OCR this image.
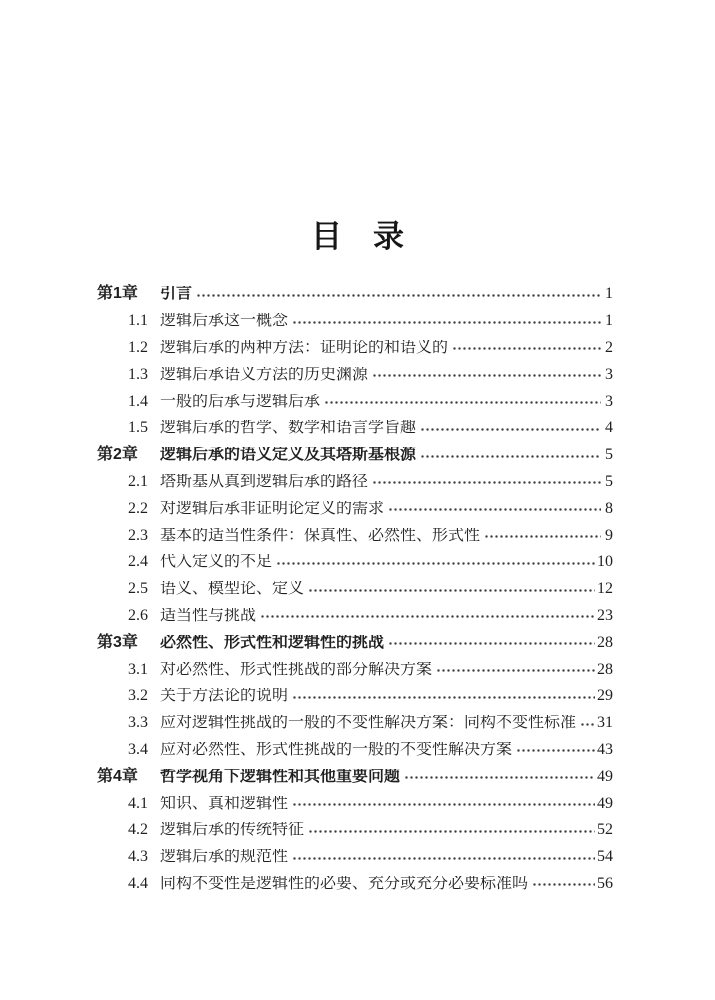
目　录
第1章	引言	1
1.1 逻辑后承这一概念	1
1.2 逻辑后承的两种方法：证明论的和语义的	2
1.3 逻辑后承语义方法的历史渊源	3
1.4 一般的后承与逻辑后承	3
1.5 逻辑后承的哲学、数学和语言学旨趣	4
第2章	逻辑后承的语义定义及其塔斯基根源	5
2.1 塔斯基从真到逻辑后承的路径	5
2.2 对逻辑后承非证明论定义的需求	8
2.3 基本的适当性条件：保真性、必然性、形式性	9
2.4 代入定义的不足	10
2.5 语义、模型论、定义	12
2.6 适当性与挑战	23
第3章	必然性、形式性和逻辑性的挑战	28
3.1 对必然性、形式性挑战的部分解决方案	28
3.2 关于方法论的说明	29
3.3 应对逻辑性挑战的一般的不变性解决方案：同构不变性标准 31
3.4 应对必然性、形式性挑战的一般的不变性解决方案	43
第4章	哲学视角下逻辑性和其他重要问题	49
4.1 知识、真和逻辑性	49
4.2 逻辑后承的传统特征	52
4.3 逻辑后承的规范性	54
4.4 同构不变性是逻辑性的必要、充分或充分必要标准吗	56
